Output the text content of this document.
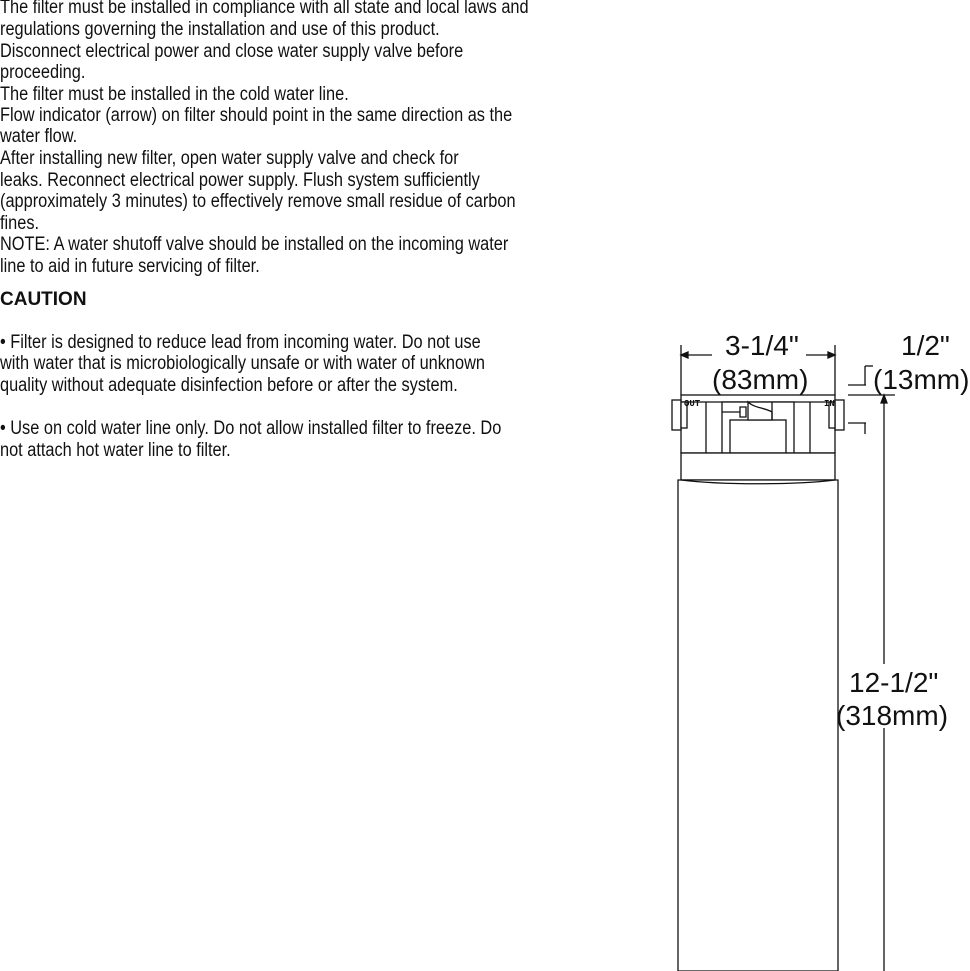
The filter must be installed in compliance with all state and local laws and
regulations governing the installation and use of this product.
Disconnect electrical power and close water supply valve before
proceeding.
The filter must be installed in the cold water line.
Flow indicator (arrow) on filter should point in the same direction as the
water flow.
After installing new filter, open water supply valve and check for
leaks. Reconnect electrical power supply. Flush system sufficiently
(approximately 3 minutes) to effectively remove small residue of carbon
fines.
NOTE: A water shutoff valve should be installed on the incoming water
line to aid in future servicing of filter.
CAUTION
• Filter is designed to reduce lead from incoming water. Do not use
with water that is microbiologically unsafe or with water of unknown
quality without adequate disinfection before or after the system.
• Use on cold water line only. Do not allow installed filter to freeze. Do
not attach hot water line to filter.
OUT	IN
3-1/4"
(83mm)
1/2"
(13mm)
12-1/2"
(318mm)
